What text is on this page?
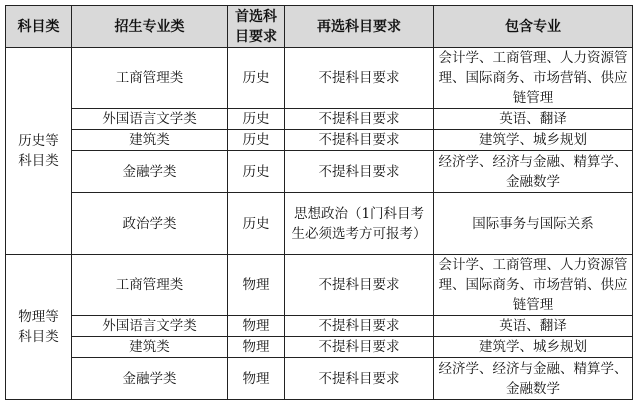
科目类	招生专业类	首选科目要求	再选科目要求	包含专业
历史等科目类	工商管理类	历史	不提科目要求	会计学、工商管理、人力资源管理、国际商务、市场营销、供应链管理
	外国语言文学类	历史	不提科目要求	英语、翻译
	建筑类	历史	不提科目要求	建筑学、城乡规划
	金融学类	历史	不提科目要求	经济学、经济与金融、精算学、金融数学
	政治学类	历史	思想政治（1门科目考生必须选考方可报考）	国际事务与国际关系
物理等科目类	工商管理类	物理	不提科目要求	会计学、工商管理、人力资源管理、国际商务、市场营销、供应链管理
	外国语言文学类	物理	不提科目要求	英语、翻译
	建筑类	物理	不提科目要求	建筑学、城乡规划
	金融学类	物理	不提科目要求	经济学、经济与金融、精算学、金融数学
